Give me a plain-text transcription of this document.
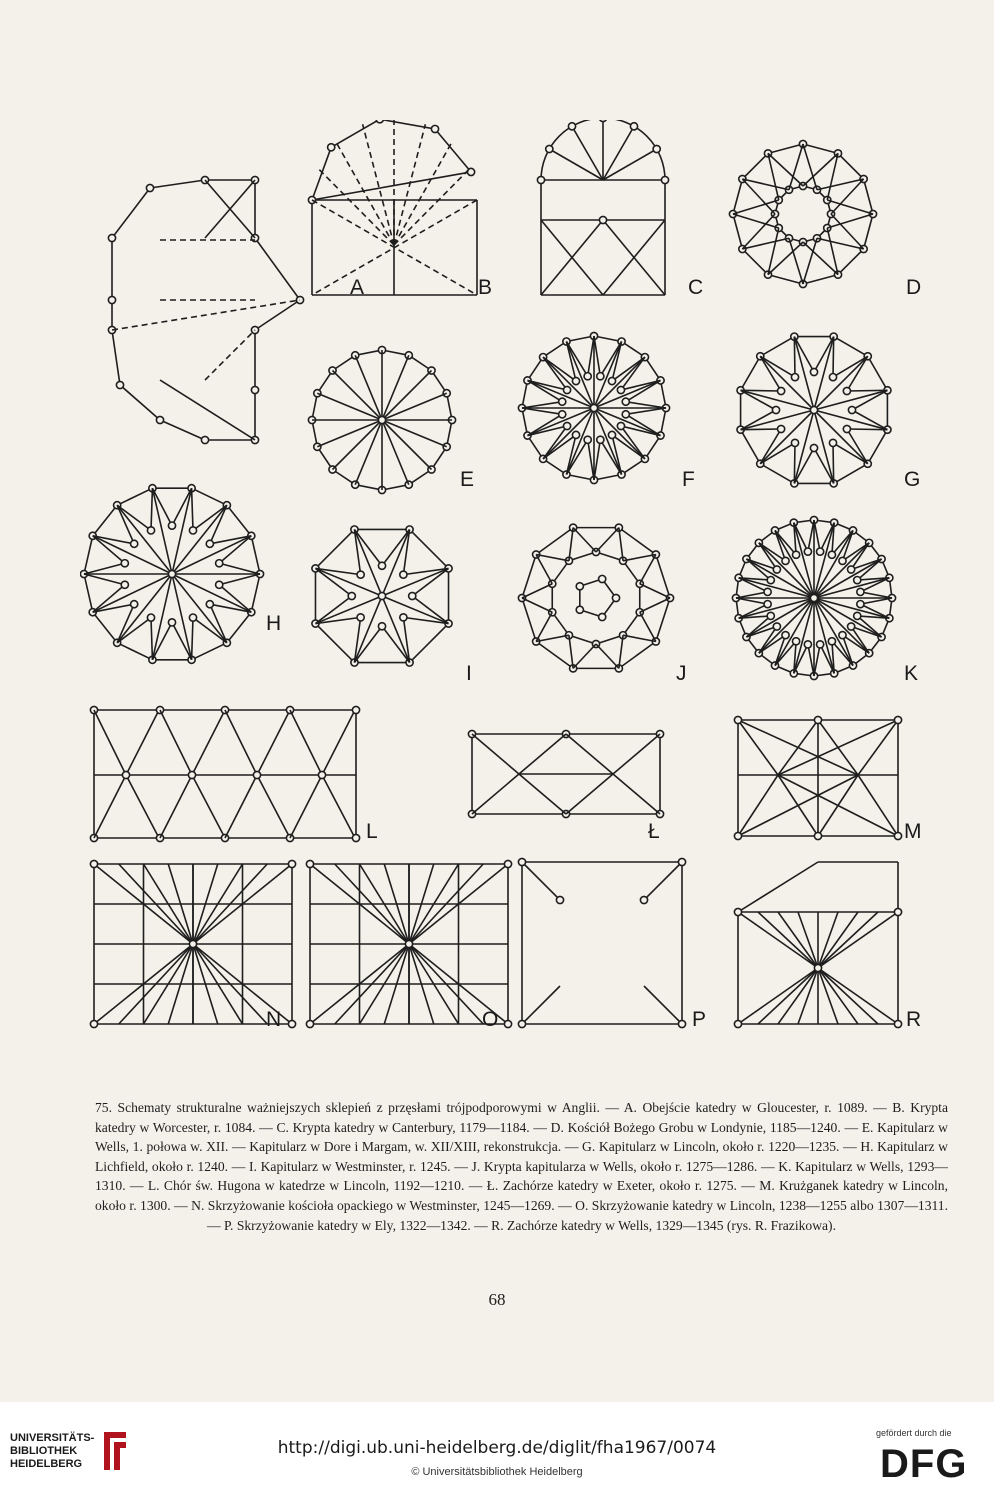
A	B	C	D
E	F	G
H
I	J	K
L	Ł	M
N	O	P	R
75. Schematy strukturalne ważniejszych sklepień z przęsłami trójpodporowymi w Anglii. — A. Obejście katedry w Gloucester, r. 1089. — B. Krypta katedry w Worcester, r. 1084. — C. Krypta katedry w Canterbury, 1179—1184. — D. Kościół Bożego Grobu w Londynie, 1185—1240. — E. Kapitularz w Wells, 1. połowa w. XII. — Kapitularz w Dore i Margam, w. XII/XIII, rekonstrukcja. — G. Kapitularz w Lincoln, około r. 1220—1235. — H. Kapitularz w Lichfield, około r. 1240. — I. Kapitularz w Westminster, r. 1245. — J. Krypta kapitularza w Wells, około r. 1275—1286. — K. Kapitularz w Wells, 1293—1310. — L. Chór św. Hugona w katedrze w Lincoln, 1192—1210. — Ł. Zachórze katedry w Exeter, około r. 1275. — M. Krużganek katedry w Lincoln, około r. 1300. — N. Skrzyżowanie kościoła opackiego w Westminster, 1245—1269. — O. Skrzyżowanie katedry w Lincoln, 1238—1255 albo 1307—1311. — P. Skrzyżowanie katedry w Ely, 1322—1342. — R. Zachórze katedry w Wells, 1329—1345 (rys. R. Frazikowa).
68
UNIVERSITÄTS-
BIBLIOTHEK
HEIDELBERG
http://digi.ub.uni-heidelberg.de/diglit/fha1967/0074
© Universitätsbibliothek Heidelberg
gefördert durch die
DFG
